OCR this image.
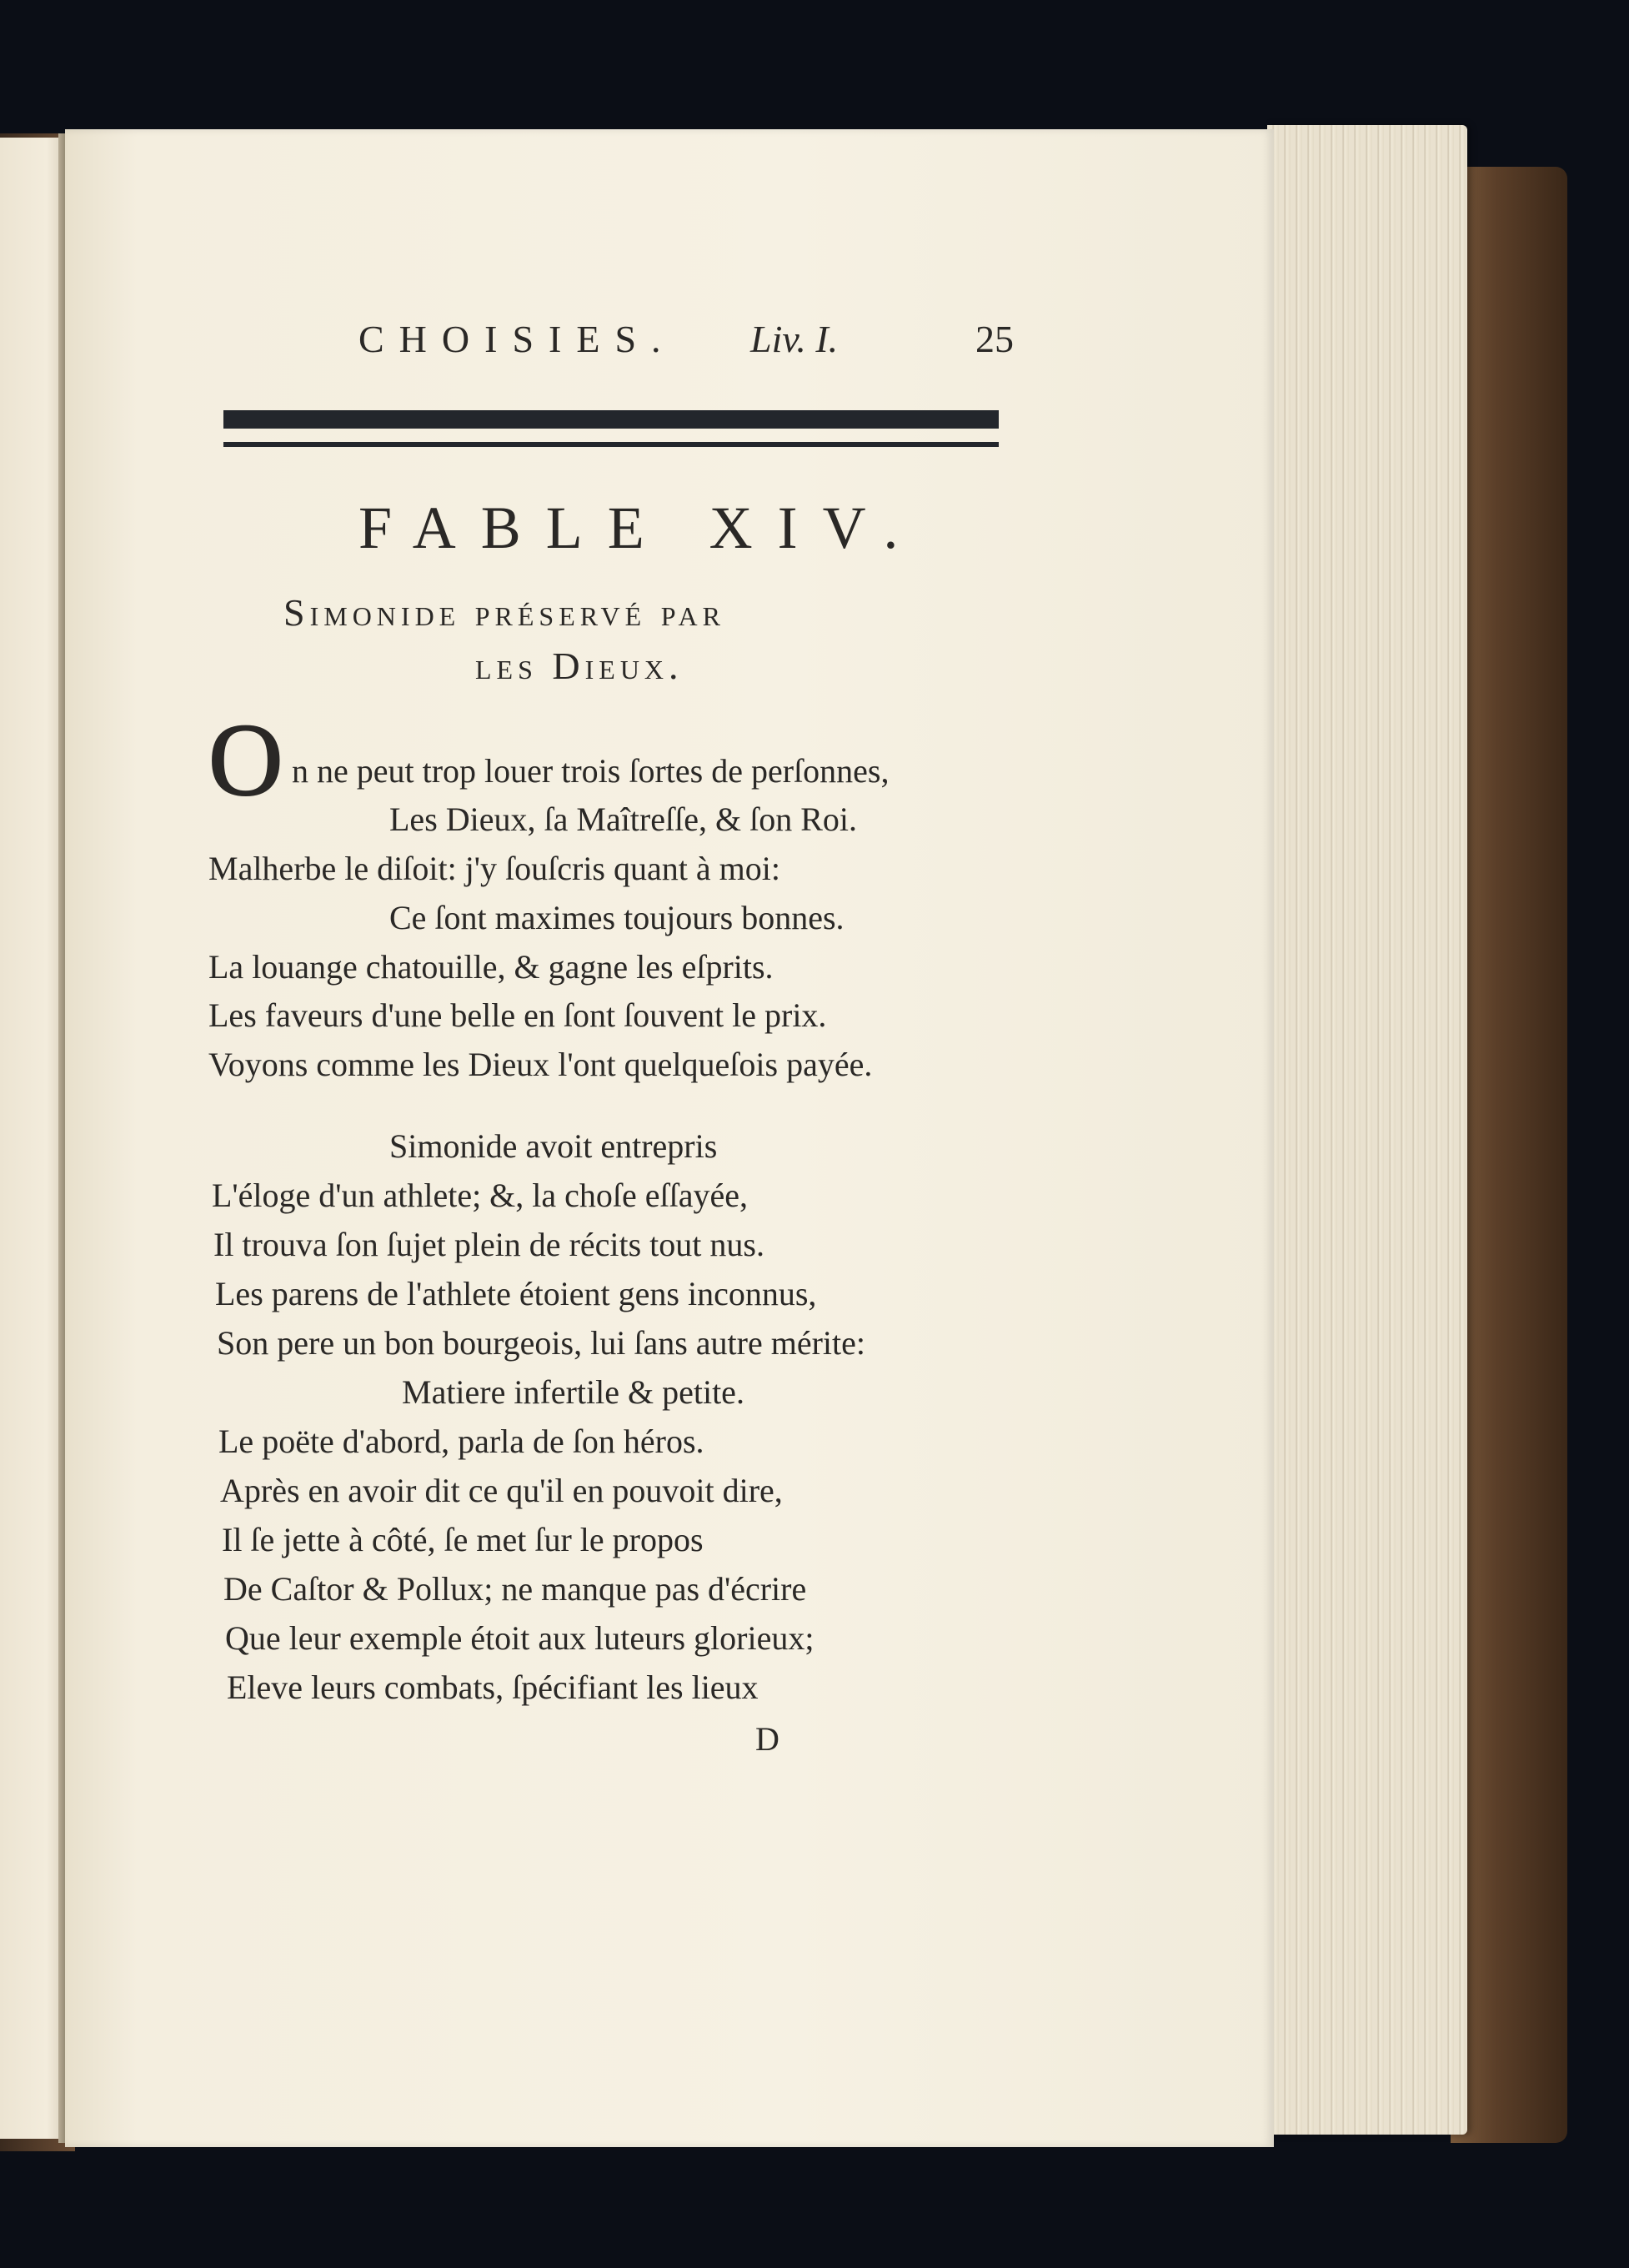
CHOISIES. Liv. I.	25
FABLE XIV.
Simonide préservé par
les Dieux.
O n ne peut trop louer trois ſortes de perſonnes,
Les Dieux, ſa Maîtreſſe, & ſon Roi.
Malherbe le diſoit: j'y ſouſcris quant à moi:
Ce ſont maximes toujours bonnes.
La louange chatouille, & gagne les eſprits.
Les faveurs d'une belle en ſont ſouvent le prix.
Voyons comme les Dieux l'ont quelqueſois payée.
Simonide avoit entrepris
L'éloge d'un athlete; &, la choſe eſſayée,
Il trouva ſon ſujet plein de récits tout nus.
Les parens de l'athlete étoient gens inconnus,
Son pere un bon bourgeois, lui ſans autre mérite:
Matiere infertile & petite.
Le poëte d'abord, parla de ſon héros.
Après en avoir dit ce qu'il en pouvoit dire,
Il ſe jette à côté, ſe met ſur le propos
De Caſtor & Pollux; ne manque pas d'écrire
Que leur exemple étoit aux luteurs glorieux;
Eleve leurs combats, ſpécifiant les lieux
D
